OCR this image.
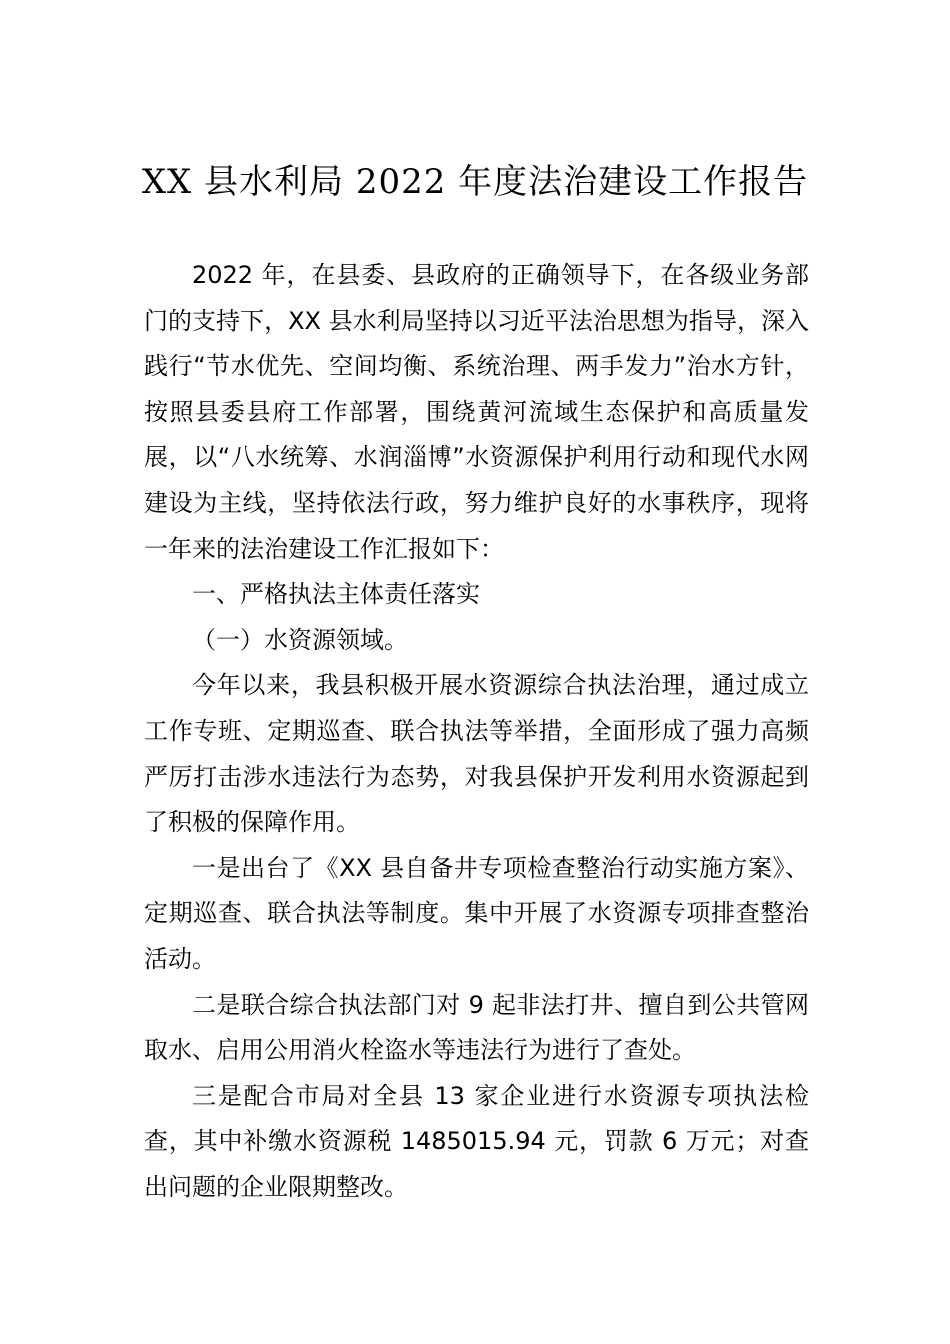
XX 县水利局 2022 年度法治建设工作报告

2022 年，在县委、县政府的正确领导下，在各级业务部门的支持下，XX 县水利局坚持以习近平法治思想为指导，深入践行“节水优先、空间均衡、系统治理、两手发力”治水方针，按照县委县府工作部署，围绕黄河流域生态保护和高质量发展，以“八水统筹、水润淄博”水资源保护利用行动和现代水网建设为主线，坚持依法行政，努力维护良好的水事秩序，现将一年来的法治建设工作汇报如下：

一、严格执法主体责任落实

（一）水资源领域。

今年以来，我县积极开展水资源综合执法治理，通过成立工作专班、定期巡查、联合执法等举措，全面形成了强力高频严厉打击涉水违法行为态势，对我县保护开发利用水资源起到了积极的保障作用。

一是出台了《XX 县自备井专项检查整治行动实施方案》、定期巡查、联合执法等制度。集中开展了水资源专项排查整治活动。

二是联合综合执法部门对 9 起非法打井、擅自到公共管网取水、启用公用消火栓盗水等违法行为进行了查处。

三是配合市局对全县 13 家企业进行水资源专项执法检查，其中补缴水资源税 1485015.94 元，罚款 6 万元；对查出问题的企业限期整改。
